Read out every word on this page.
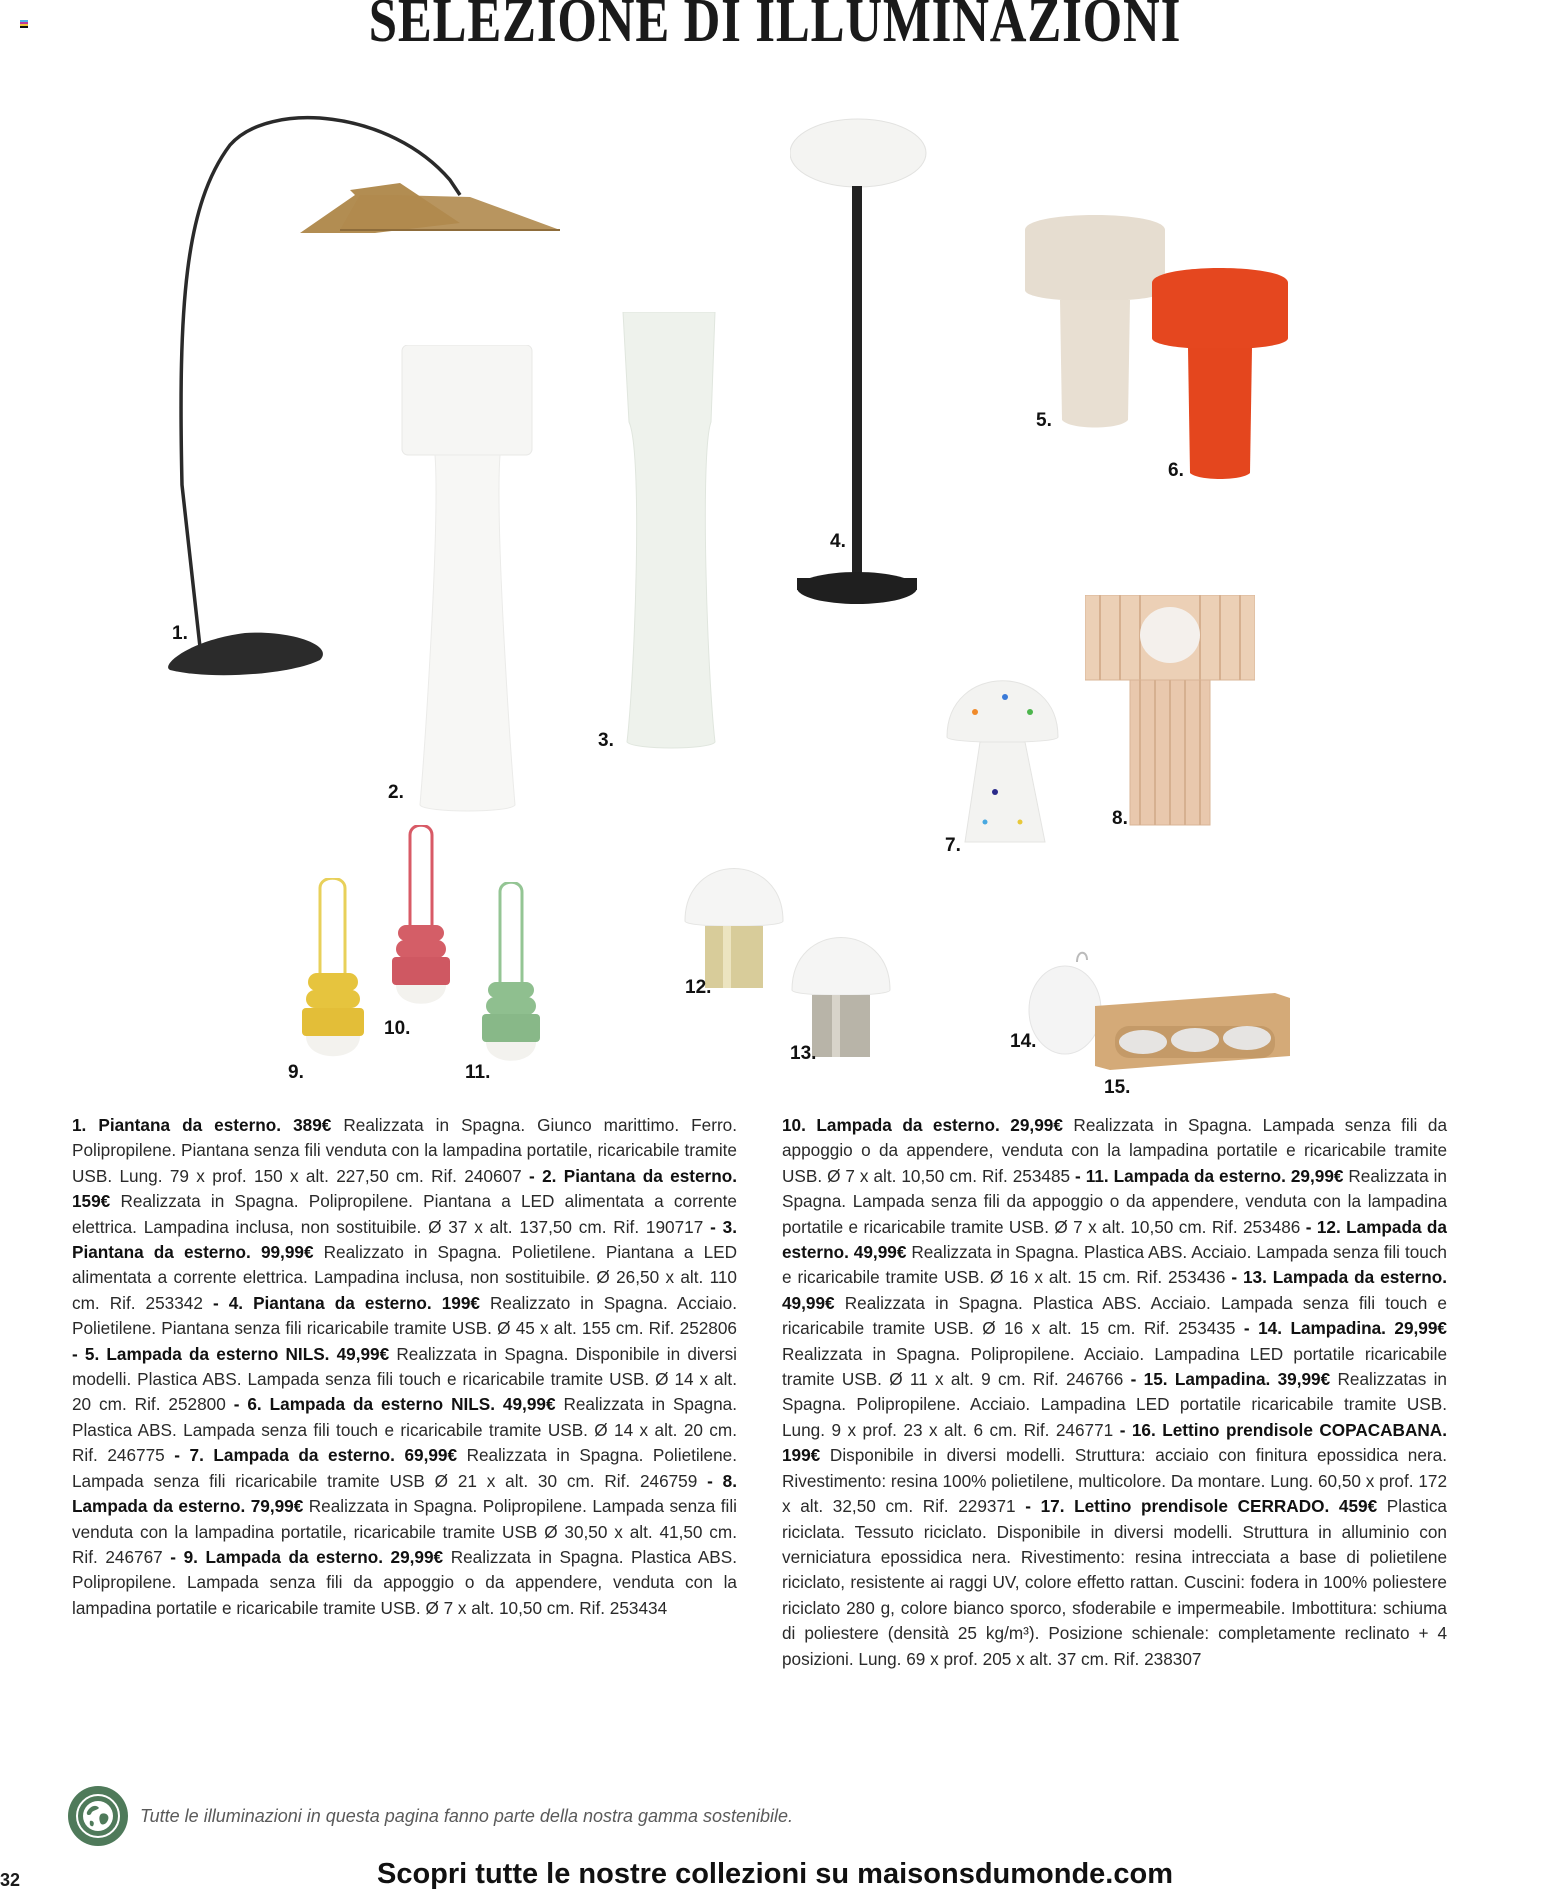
SELEZIONE DI ILLUMINAZIONI
1.
2.
3.
4.
5.
6.
7.
8.
9.
10.
11.
12.
13.
14.
15.
1. Piantana da esterno. 389€ Realizzata in Spagna. Giunco marittimo. Ferro. Polipropilene. Piantana senza fili venduta con la lampadina portatile, ricaricabile tramite USB. Lung. 79 x prof. 150 x alt. 227,50 cm. Rif. 240607 - 2. Piantana da esterno. 159€ Realizzata in Spagna. Polipropilene. Piantana a LED alimentata a corrente elettrica. Lampadina inclusa, non sostituibile. Ø 37 x alt. 137,50 cm. Rif. 190717 - 3. Piantana da esterno. 99,99€ Realizzato in Spagna. Polietilene. Piantana a LED alimentata a corrente elettrica. Lampadina inclusa, non sostituibile. Ø 26,50 x alt. 110 cm. Rif. 253342 - 4. Piantana da esterno. 199€ Realizzato in Spagna. Acciaio. Polietilene. Piantana senza fili ricaricabile tramite USB. Ø 45 x alt. 155 cm. Rif. 252806 - 5. Lampada da esterno NILS. 49,99€ Realizzata in Spagna. Disponibile in diversi modelli. Plastica ABS. Lampada senza fili touch e ricaricabile tramite USB. Ø 14 x alt. 20 cm. Rif. 252800 - 6. Lampada da esterno NILS. 49,99€ Realizzata in Spagna. Plastica ABS. Lampada senza fili touch e ricaricabile tramite USB. Ø 14 x alt. 20 cm. Rif. 246775 - 7. Lampada da esterno. 69,99€ Realizzata in Spagna. Polietilene. Lampada senza fili ricaricabile tramite USB Ø 21 x alt. 30 cm. Rif. 246759 - 8. Lampada da esterno. 79,99€ Realizzata in Spagna. Polipropilene. Lampada senza fili venduta con la lampadina portatile, ricaricabile tramite USB Ø 30,50 x alt. 41,50 cm. Rif. 246767 - 9. Lampada da esterno. 29,99€ Realizzata in Spagna. Plastica ABS. Polipropilene. Lampada senza fili da appoggio o da appendere, venduta con la lampadina portatile e ricaricabile tramite USB. Ø 7 x alt. 10,50 cm. Rif. 253434
10. Lampada da esterno. 29,99€ Realizzata in Spagna. Lampada senza fili da appoggio o da appendere, venduta con la lampadina portatile e ricaricabile tramite USB. Ø 7 x alt. 10,50 cm. Rif. 253485 - 11. Lampada da esterno. 29,99€ Realizzata in Spagna. Lampada senza fili da appoggio o da appendere, venduta con la lampadina portatile e ricaricabile tramite USB. Ø 7 x alt. 10,50 cm. Rif. 253486 - 12. Lampada da esterno. 49,99€ Realizzata in Spagna. Plastica ABS. Acciaio. Lampada senza fili touch e ricaricabile tramite USB. Ø 16 x alt. 15 cm. Rif. 253436 - 13. Lampada da esterno. 49,99€ Realizzata in Spagna. Plastica ABS. Acciaio. Lampada senza fili touch e ricaricabile tramite USB. Ø 16 x alt. 15 cm. Rif. 253435 - 14. Lampadina. 29,99€ Realizzata in Spagna. Polipropilene. Acciaio. Lampadina LED portatile ricaricabile tramite USB. Ø 11 x alt. 9 cm. Rif. 246766 - 15. Lampadina. 39,99€ Realizzatas in Spagna. Polipropilene. Acciaio. Lampadina LED portatile ricaricabile tramite USB. Lung. 9 x prof. 23 x alt. 6 cm. Rif. 246771 - 16. Lettino prendisole COPACABANA. 199€ Disponibile in diversi modelli. Struttura: acciaio con finitura epossidica nera. Rivestimento: resina 100% polietilene, multicolore. Da montare. Lung. 60,50 x prof. 172 x alt. 32,50 cm. Rif. 229371 - 17. Lettino prendisole CERRADO. 459€ Plastica riciclata. Tessuto riciclato. Disponibile in diversi modelli. Struttura in alluminio con verniciatura epossidica nera. Rivestimento: resina intrecciata a base di polietilene riciclato, resistente ai raggi UV, colore effetto rattan. Cuscini: fodera in 100% poliestere riciclato 280 g, colore bianco sporco, sfoderabile e impermeabile. Imbottitura: schiuma di poliestere (densità 25 kg/m³). Posizione schienale: completamente reclinato + 4 posizioni. Lung. 69 x prof. 205 x alt. 37 cm. Rif. 238307
Tutte le illuminazioni in questa pagina fanno parte della nostra gamma sostenibile.
Scopri tutte le nostre collezioni su maisonsdumonde.com
32
